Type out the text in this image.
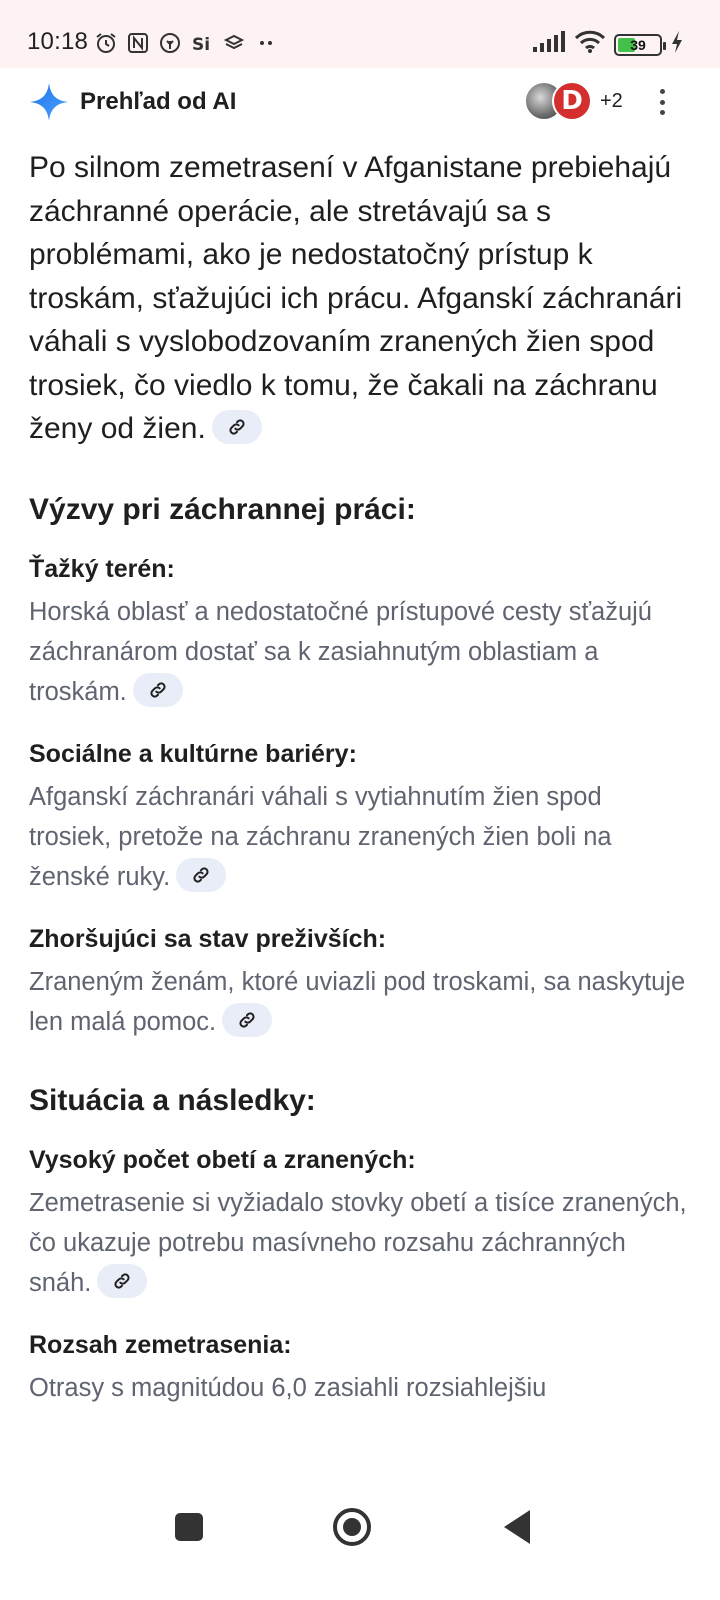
10:18	Si	39
Prehľad od AI	D +2

Po silnom zemetrasení v Afganistane prebiehajú záchranné operácie, ale stretávajú sa s problémami, ako je nedostatočný prístup k troskám, sťažujúci ich prácu. Afganskí záchranári váhali s vyslobodzovaním zranených žien spod trosiek, čo viedlo k tomu, že čakali na záchranu ženy od žien.

Výzvy pri záchrannej práci:
Ťažký terén:

Horská oblasť a nedostatočné prístupové cesty sťažujú záchranárom dostať sa k zasiahnutým oblastiam a troskám.

Sociálne a kultúrne bariéry:

Afganskí záchranári váhali s vytiahnutím žien spod trosiek, pretože na záchranu zranených žien boli na ženské ruky.

Zhoršujúci sa stav preživších:

Zraneným ženám, ktoré uviazli pod troskami, sa naskytuje len malá pomoc.

Situácia a následky:
Vysoký počet obetí a zranených:

Zemetrasenie si vyžiadalo stovky obetí a tisíce zranených, čo ukazuje potrebu masívneho rozsahu záchranných snáh.

Rozsah zemetrasenia:

Otrasy s magnitúdou 6,0 zasiahli rozsiahlejšiu
